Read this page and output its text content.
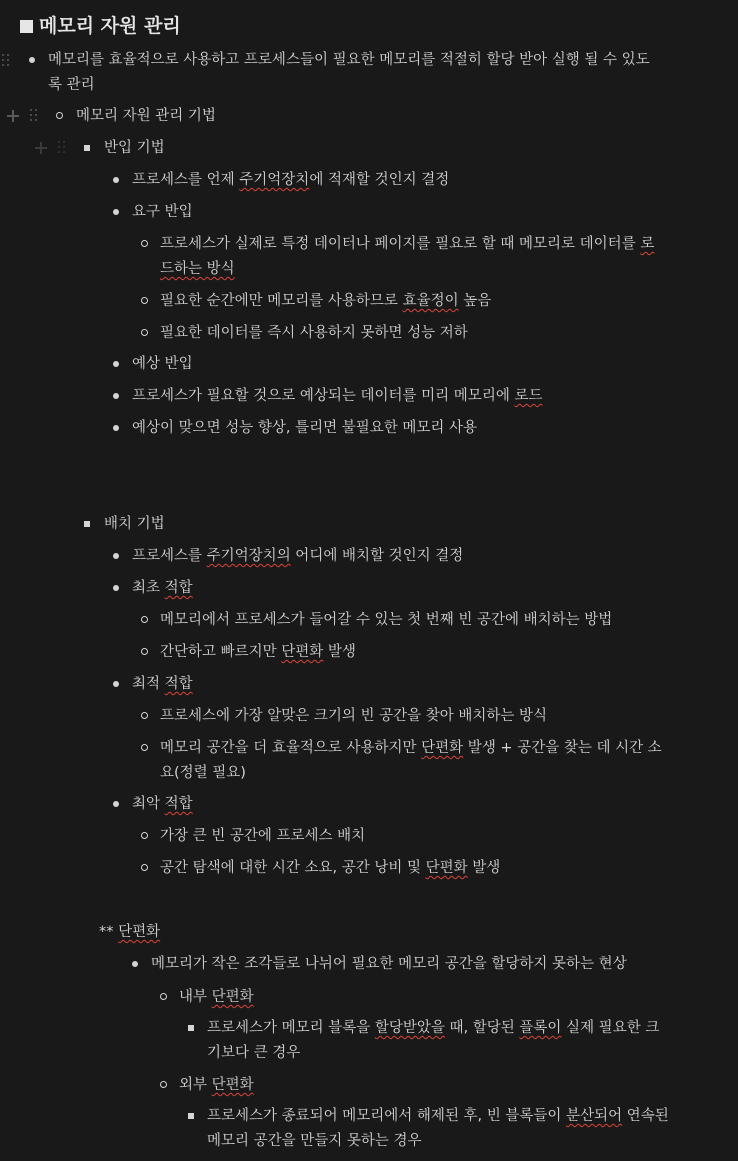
메모리 자원 관리
메모리를 효율적으로 사용하고 프로세스들이 필요한 메모리를 적절히 할당 받아 실행 될 수 있도
록 관리
메모리 자원 관리 기법
반입 기법
프로세스를 언제 주기억장치에 적재할 것인지 결정
요구 반입
프로세스가 실제로 특정 데이터나 페이지를 필요로 할 때 메모리로 데이터를 로
드하는 방식
필요한 순간에만 메모리를 사용하므로 효율정이 높음
필요한 데이터를 즉시 사용하지 못하면 성능 저하
예상 반입
프로세스가 필요할 것으로 예상되는 데이터를 미리 메모리에 로드
예상이 맞으면 성능 향상, 틀리면 불필요한 메모리 사용
배치 기법
프로세스를 주기억장치의 어디에 배치할 것인지 결정
최초 적합
메모리에서 프로세스가 들어갈 수 있는 첫 번째 빈 공간에 배치하는 방법
간단하고 빠르지만 단편화 발생
최적 적합
프로세스에 가장 알맞은 크기의 빈 공간을 찾아 배치하는 방식
메모리 공간을 더 효율적으로 사용하지만 단편화 발생 + 공간을 찾는 데 시간 소
요(정렬 필요)
최악 적합
가장 큰 빈 공간에 프로세스 배치
공간 탐색에 대한 시간 소요, 공간 낭비 및 단편화 발생
** 단편화
메모리가 작은 조각들로 나뉘어 필요한 메모리 공간을 할당하지 못하는 현상
내부 단편화
프로세스가 메모리 블록을 할당받았을 때, 할당된 플록이 실제 필요한 크
기보다 큰 경우
외부 단편화
프로세스가 종료되어 메모리에서 해제된 후, 빈 블록들이 분산되어 연속된
메모리 공간을 만들지 못하는 경우
